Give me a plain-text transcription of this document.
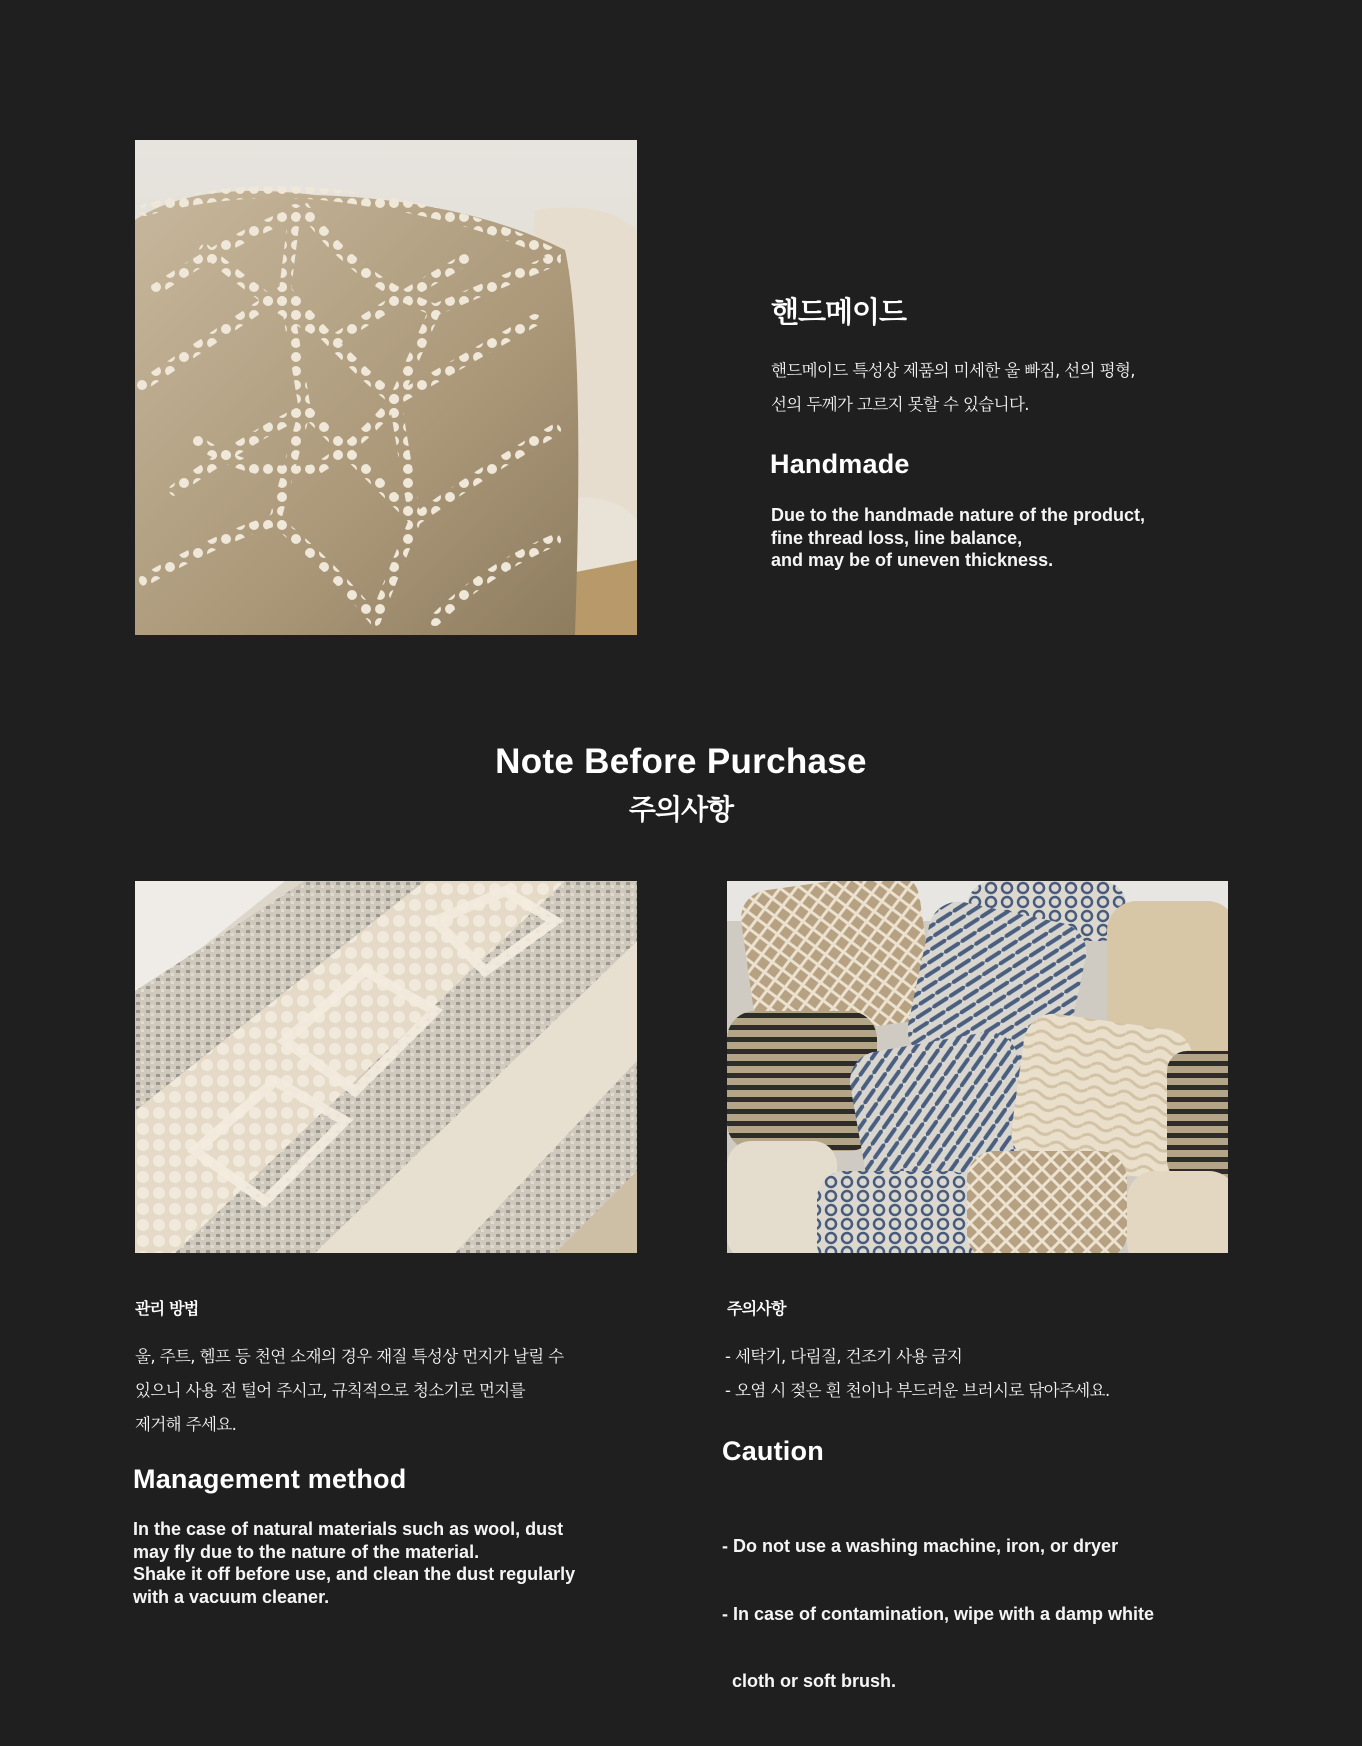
핸드메이드
핸드메이드 특성상 제품의 미세한 울 빠짐, 선의 평형,
선의 두께가 고르지 못할 수 있습니다.
Handmade
Due to the handmade nature of the product,
fine thread loss, line balance,
and may be of uneven thickness.
Note Before Purchase
주의사항
관리 방법
울, 주트, 헴프 등 천연 소재의 경우 재질 특성상 먼지가 날릴 수
있으니 사용 전 털어 주시고, 규칙적으로 청소기로 먼지를
제거해 주세요.
Management method
In the case of natural materials such as wool, dust
may fly due to the nature of the material.
Shake it off before use, and clean the dust regularly
with a vacuum cleaner.
주의사항
- 세탁기, 다림질, 건조기 사용 금지
- 오염 시 젖은 흰 천이나 부드러운 브러시로 닦아주세요.
Caution

- Do not use a washing machine, iron, or dryer

- In case of contamination, wipe with a damp white

cloth or soft brush.
